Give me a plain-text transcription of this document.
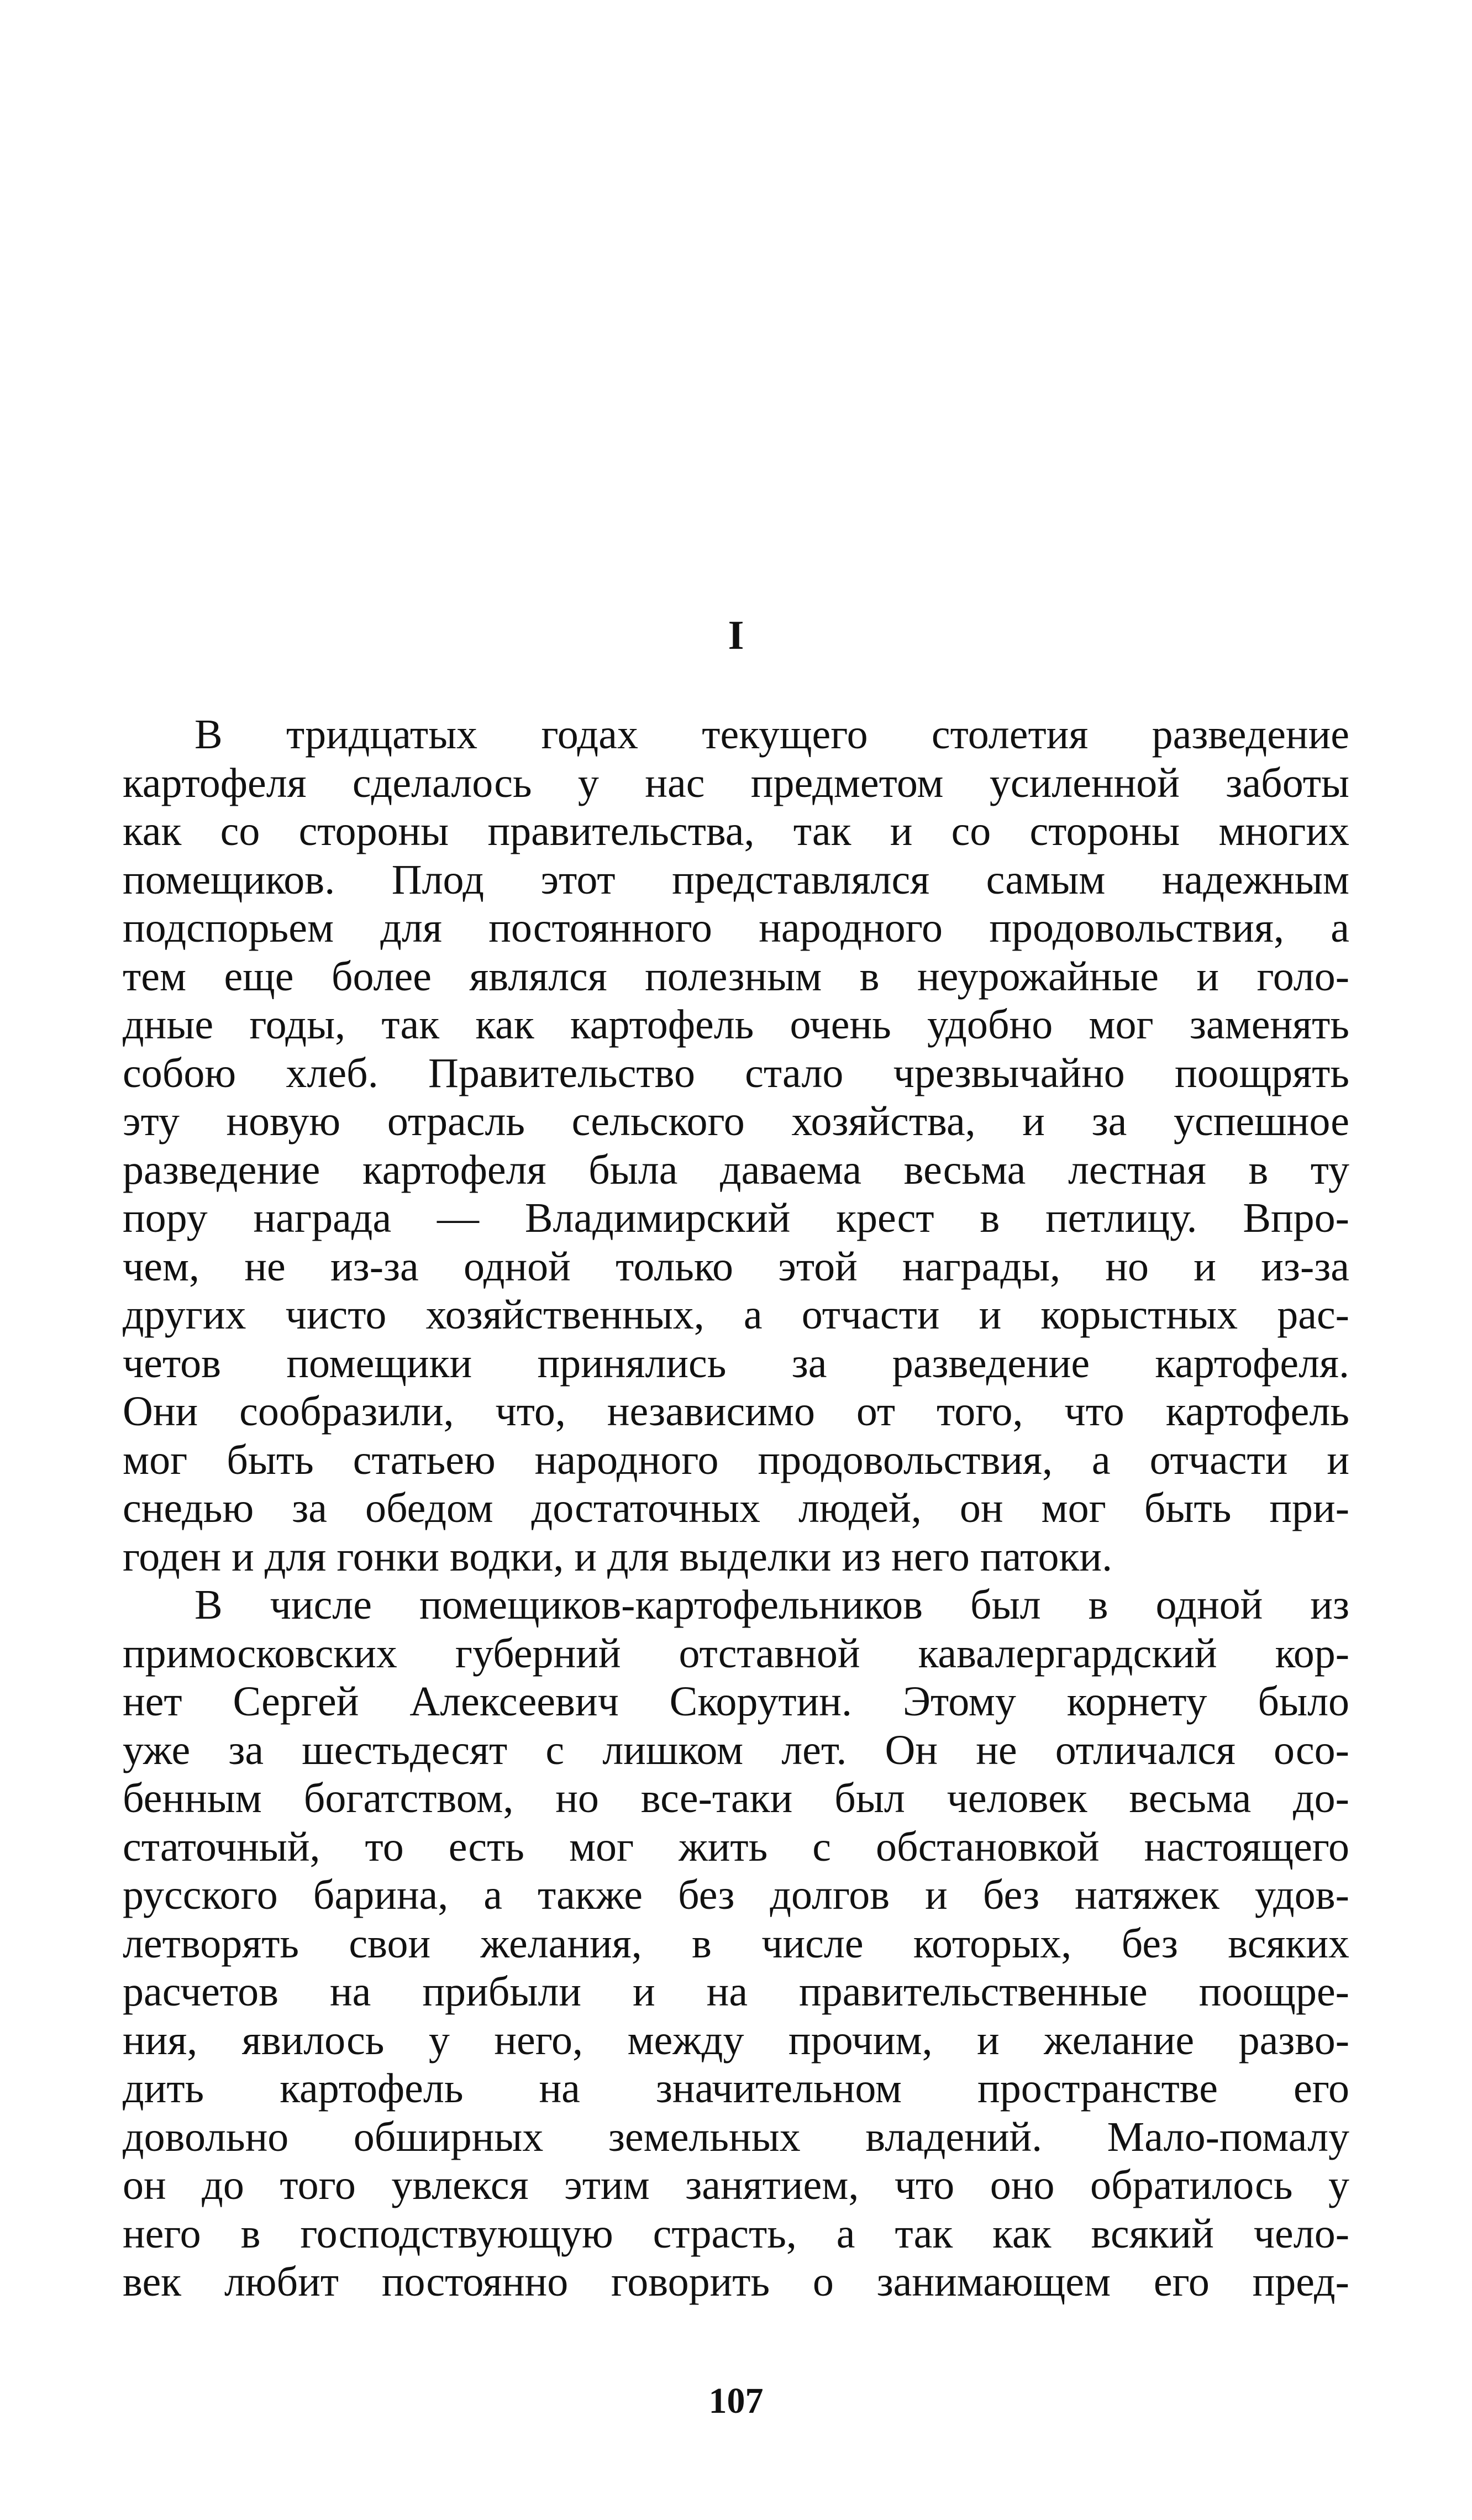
I
В тридцатых годах текущего столетия разведение
картофеля сделалось у нас предметом усиленной заботы
как со стороны правительства, так и со стороны многих
помещиков. Плод этот представлялся самым надежным
подспорьем для постоянного народного продовольствия, а
тем еще более являлся полезным в неурожайные и голо-
дные годы, так как картофель очень удобно мог заменять
собою хлеб. Правительство стало чрезвычайно поощрять
эту новую отрасль сельского хозяйства, и за успешное
разведение картофеля была даваема весьма лестная в ту
пору награда — Владимирский крест в петлицу. Впро-
чем, не из-за одной только этой награды, но и из-за
других чисто хозяйственных, а отчасти и корыстных рас-
четов помещики принялись за разведение картофеля.
Они сообразили, что, независимо от того, что картофель
мог быть статьею народного продовольствия, а отчасти и
снедью за обедом достаточных людей, он мог быть при-
годен и для гонки водки, и для выделки из него патоки.
В числе помещиков-картофельников был в одной из
примосковских губерний отставной кавалергардский кор-
нет Сергей Алексеевич Скорутин. Этому корнету было
уже за шестьдесят с лишком лет. Он не отличался осо-
бенным богатством, но все-таки был человек весьма до-
статочный, то есть мог жить с обстановкой настоящего
русского барина, а также без долгов и без натяжек удов-
летворять свои желания, в числе которых, без всяких
расчетов на прибыли и на правительственные поощре-
ния, явилось у него, между прочим, и желание разво-
дить картофель на значительном пространстве его
довольно обширных земельных владений. Мало-помалу
он до того увлекся этим занятием, что оно обратилось у
него в господствующую страсть, а так как всякий чело-
век любит постоянно говорить о занимающем его пред-
107
